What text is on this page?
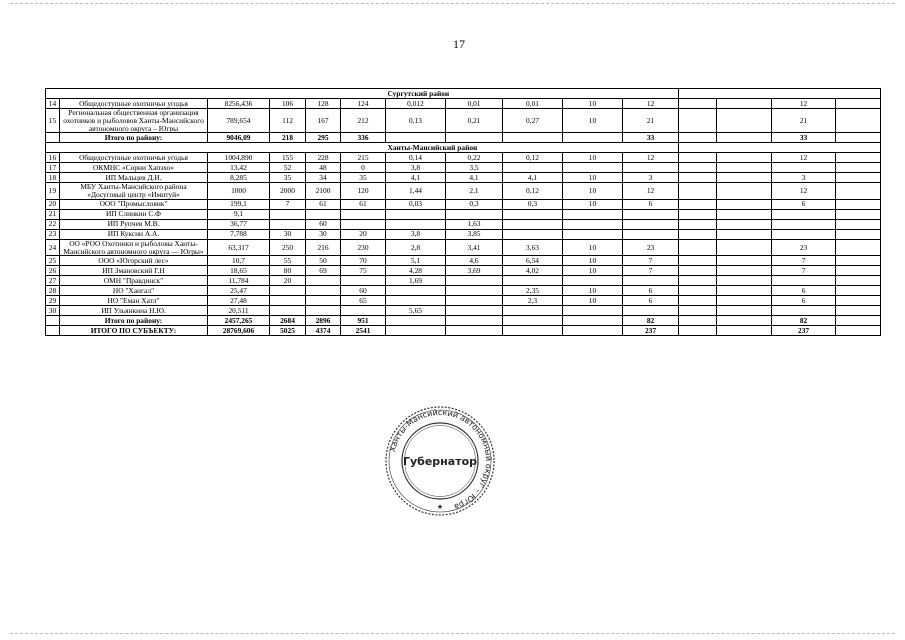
17
						Сургутский район								
14	Общедоступные охотничьи угодья	8256,436	106	128	124	0,012	0,01	0,01	10	12			12	
15	Региональная общественная организация охотников и рыболовов Ханты-Мансийского автономного округа – Югры	789,654	112	167	212	0,13	0,21	0,27	10	21			21	
	Итого по району:	9046,09	218	295	336					33			33	
						Ханты-Мансийский район								
16	Общедоступные охотничьи угодья	1004,890	155	228	215	0,14	0,22	0,12	10	12			12	
17	ОКМНС «Сорни Хапэхо»	13,42	52	48	0	3,8	3,5							
18	ИП Мальцев Д.И.	8,285	35	34	35	4,1	4,1	4,1	10	3			3	
19	МБУ Ханты-Мансийского района «Досуговый центр «Имитуй»	1000	2000	2100	120	1,44	2,1	0,12	10	12			12	
20	ООО "Промысловик"	199,1	7	61	61	0,03	0,3	0,3	10	6			6	
21	ИП Слинкин С.Ф	9,1												
22	ИП Рупчев М.В.	36,77		60			1,63							
23	ИП Куксин А.А.	7,788	30	30	20	3,8	3,85							
24	ОО «РОО Охотники и рыболовы Ханты-Мансийского автономного округа — Югры»	63,317	250	216	230	2,8	3,41	3,63	10	23			23	
25	ООО «Югорский лес»	10,7	55	50	70	5,1	4,6	6,54	10	7			7	
26	ИП Змановский Г.Н	18,65	80	69	75	4,28	3,69	4,02	10	7			7	
27	ОМН "Правдинск"	11,784	20			1,69								
28	НО "Хангал"	25,47			60			2,35	10	6			6	
29	НО "Еман Хатл"	27,48			65			2,3	10	6			6	
30	ИП Ульянкина Н.Ю.	20,511				5,65								
	Итого по району:	2457,265	2684	2896	951					82			82	
	ИТОГО ПО СУБЪЕКТУ:	28769,606	5025	4374	2541					237			237	
Ханты-Мансийский автономный округ – Югра
Губернатор
★
